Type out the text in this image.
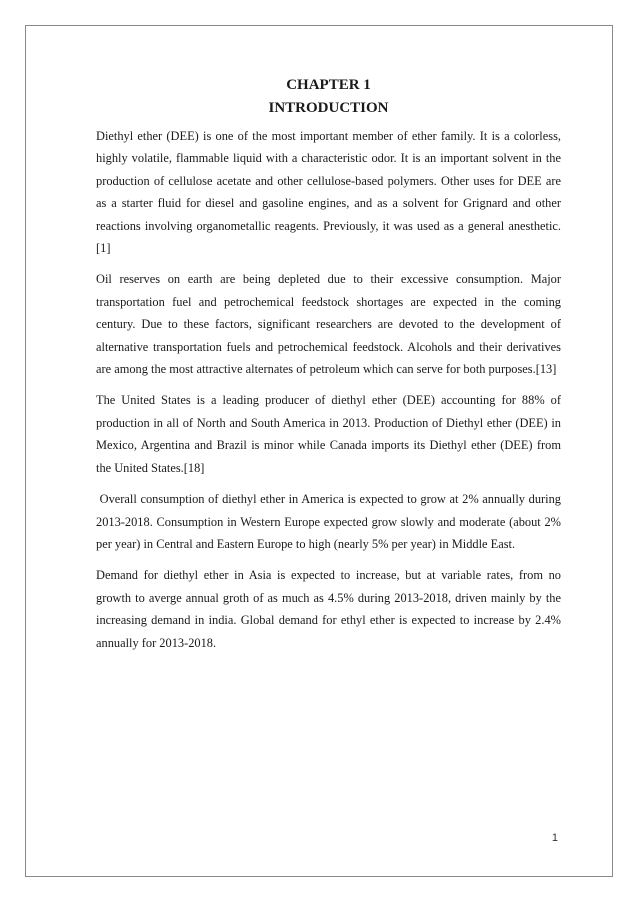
CHAPTER 1
INTRODUCTION

Diethyl ether (DEE) is one of the most important member of ether family. It is a colorless, highly volatile, flammable liquid with a characteristic odor. It is an important solvent in the production of cellulose acetate and other cellulose-based polymers. Other uses for DEE are as a starter fluid for diesel and gasoline engines, and as a solvent for Grignard and other reactions involving organometallic reagents. Previously, it was used as a general anesthetic.[1]

Oil reserves on earth are being depleted due to their excessive consumption. Major transportation fuel and petrochemical feedstock shortages are expected in the coming century. Due to these factors, significant researchers are devoted to the development of alternative transportation fuels and petrochemical feedstock. Alcohols and their derivatives are among the most attractive alternates of petroleum which can serve for both purposes.[13]

The United States is a leading producer of diethyl ether (DEE) accounting for 88% of production in all of North and South America in 2013. Production of Diethyl ether (DEE) in Mexico, Argentina and Brazil is minor while Canada imports its Diethyl ether (DEE) from the United States.[18]

Overall consumption of diethyl ether in America is expected to grow at 2% annually during 2013-2018. Consumption in Western Europe expected grow slowly and moderate (about 2% per year) in Central and Eastern Europe to high (nearly 5% per year) in Middle East.

Demand for diethyl ether in Asia is expected to increase, but at variable rates, from no growth to averge annual groth of as much as 4.5% during 2013-2018, driven mainly by the increasing demand in india. Global demand for ethyl ether is expected to increase by 2.4% annually for 2013-2018.

1
